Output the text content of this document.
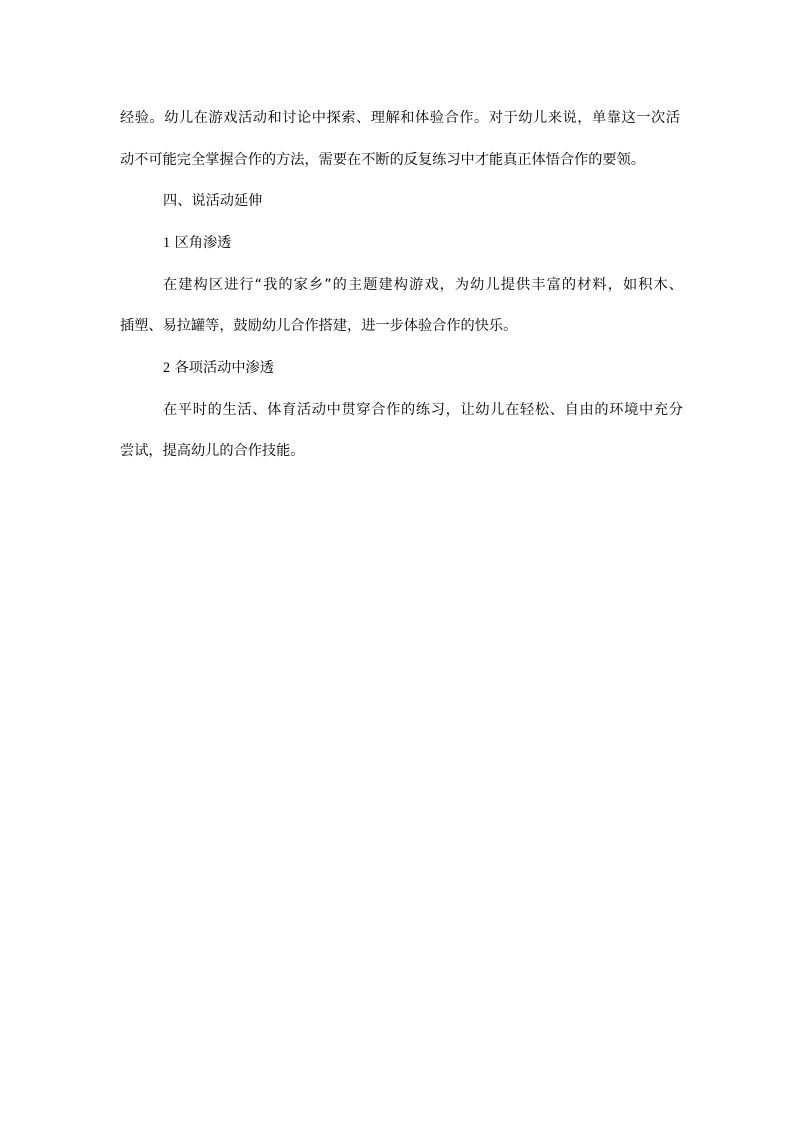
经验。幼儿在游戏活动和讨论中探索、理解和体验合作。对于幼儿来说，单靠这一次活
动不可能完全掌握合作的方法，需要在不断的反复练习中才能真正体悟合作的要领。
四、说活动延伸
1 区角渗透
在建构区进行“我的家乡”的主题建构游戏，为幼儿提供丰富的材料，如积木、
插塑、易拉罐等，鼓励幼儿合作搭建，进一步体验合作的快乐。
2 各项活动中渗透
在平时的生活、体育活动中贯穿合作的练习，让幼儿在轻松、自由的环境中充分
尝试，提高幼儿的合作技能。
